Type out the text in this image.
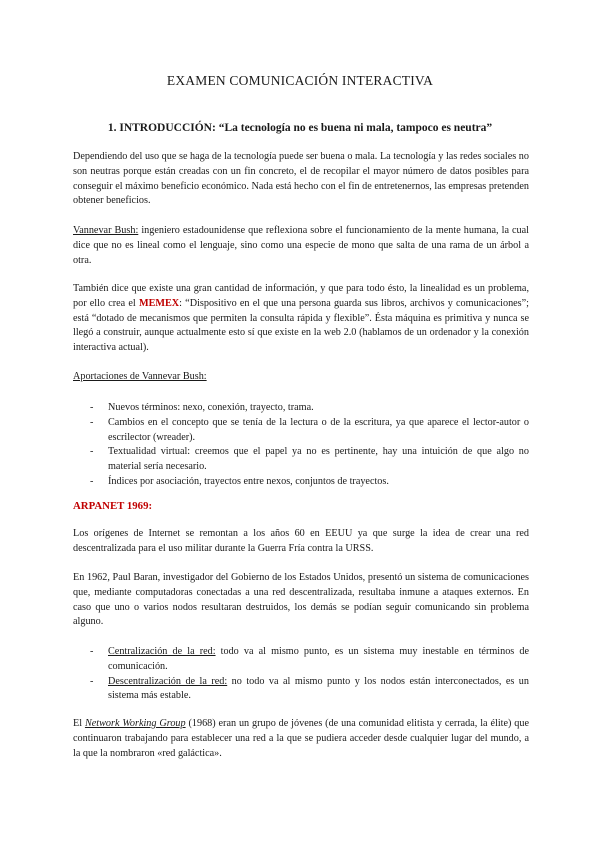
EXAMEN COMUNICACIÓN INTERACTIVA
1. INTRODUCCIÓN: “La tecnología no es buena ni mala, tampoco es neutra”

Dependiendo del uso que se haga de la tecnología puede ser buena o mala. La tecnología y las redes sociales no son neutras porque están creadas con un fin concreto, el de recopilar el mayor número de datos posibles para conseguir el máximo beneficio económico. Nada está hecho con el fin de entretenernos, las empresas pretenden obtener beneficios.

Vannevar Bush: ingeniero estadounidense que reflexiona sobre el funcionamiento de la mente humana, la cual dice que no es lineal como el lenguaje, sino como una especie de mono que salta de una rama de un árbol a otra.

También dice que existe una gran cantidad de información, y que para todo ésto, la linealidad es un problema, por ello crea el MEMEX: “Dispositivo en el que una persona guarda sus libros, archivos y comunicaciones”; está “dotado de mecanismos que permiten la consulta rápida y flexible”. Ésta máquina es primitiva y nunca se llegó a construir, aunque actualmente esto sí que existe en la web 2.0 (hablamos de un ordenador y la conexión interactiva actual).

Aportaciones de Vannevar Bush:

- Nuevos términos: nexo, conexión, trayecto, trama.
- Cambios en el concepto que se tenía de la lectura o de la escritura, ya que aparece el lector-autor o escrilector (wreader).
- Textualidad virtual: creemos que el papel ya no es pertinente, hay una intuición de que algo no material sería necesario.
- Índices por asociación, trayectos entre nexos, conjuntos de trayectos.
ARPANET 1969:

Los orígenes de Internet se remontan a los años 60 en EEUU ya que surge la idea de crear una red descentralizada para el uso militar durante la Guerra Fría contra la URSS.

En 1962, Paul Baran, investigador del Gobierno de los Estados Unidos, presentó un sistema de comunicaciones que, mediante computadoras conectadas a una red descentralizada, resultaba inmune a ataques externos. En caso que uno o varios nodos resultaran destruidos, los demás se podían seguir comunicando sin problema alguno.

- Centralización de la red: todo va al mismo punto, es un sistema muy inestable en términos de comunicación.
- Descentralización de la red: no todo va al mismo punto y los nodos están interconectados, es un sistema más estable.

El Network Working Group (1968) eran un grupo de jóvenes (de una comunidad elitista y cerrada, la élite) que continuaron trabajando para establecer una red a la que se pudiera acceder desde cualquier lugar del mundo, a la que la nombraron «red galáctica».
